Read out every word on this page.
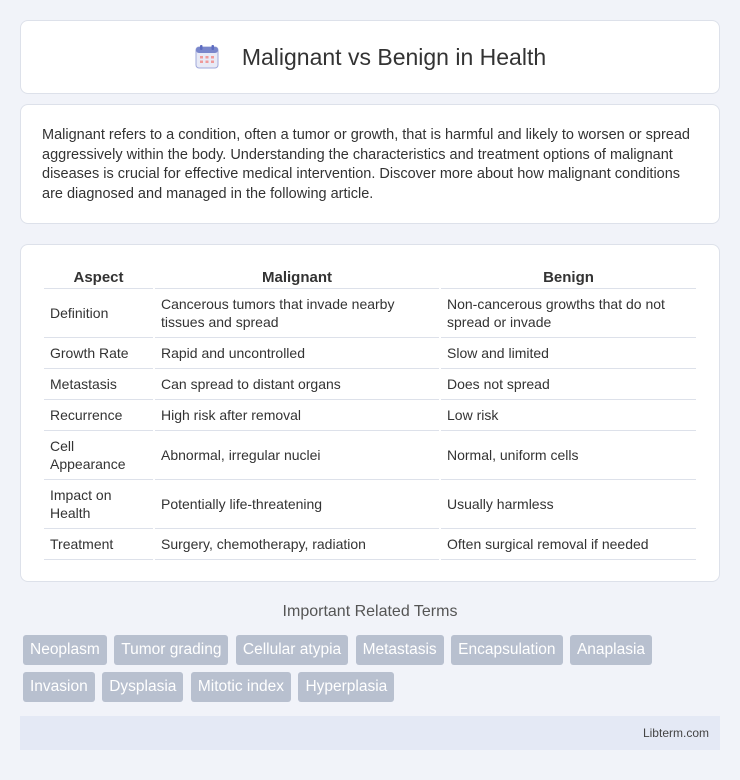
Malignant vs Benign in Health

Malignant refers to a condition, often a tumor or growth, that is harmful and likely to worsen or spread aggressively within the body. Understanding the characteristics and treatment options of malignant diseases is crucial for effective medical intervention. Discover more about how malignant conditions are diagnosed and managed in the following article.

Aspect	Malignant	Benign
Definition	Cancerous tumors that invade nearby tissues and spread	Non-cancerous growths that do not spread or invade
Growth Rate	Rapid and uncontrolled	Slow and limited
Metastasis	Can spread to distant organs	Does not spread
Recurrence	High risk after removal	Low risk
Cell Appearance	Abnormal, irregular nuclei	Normal, uniform cells
Impact on Health	Potentially life-threatening	Usually harmless
Treatment	Surgery, chemotherapy, radiation	Often surgical removal if needed
Important Related Terms
Neoplasm Tumor grading Cellular atypia Metastasis Encapsulation Anaplasia Invasion Dysplasia Mitotic index Hyperplasia
Libterm.com
